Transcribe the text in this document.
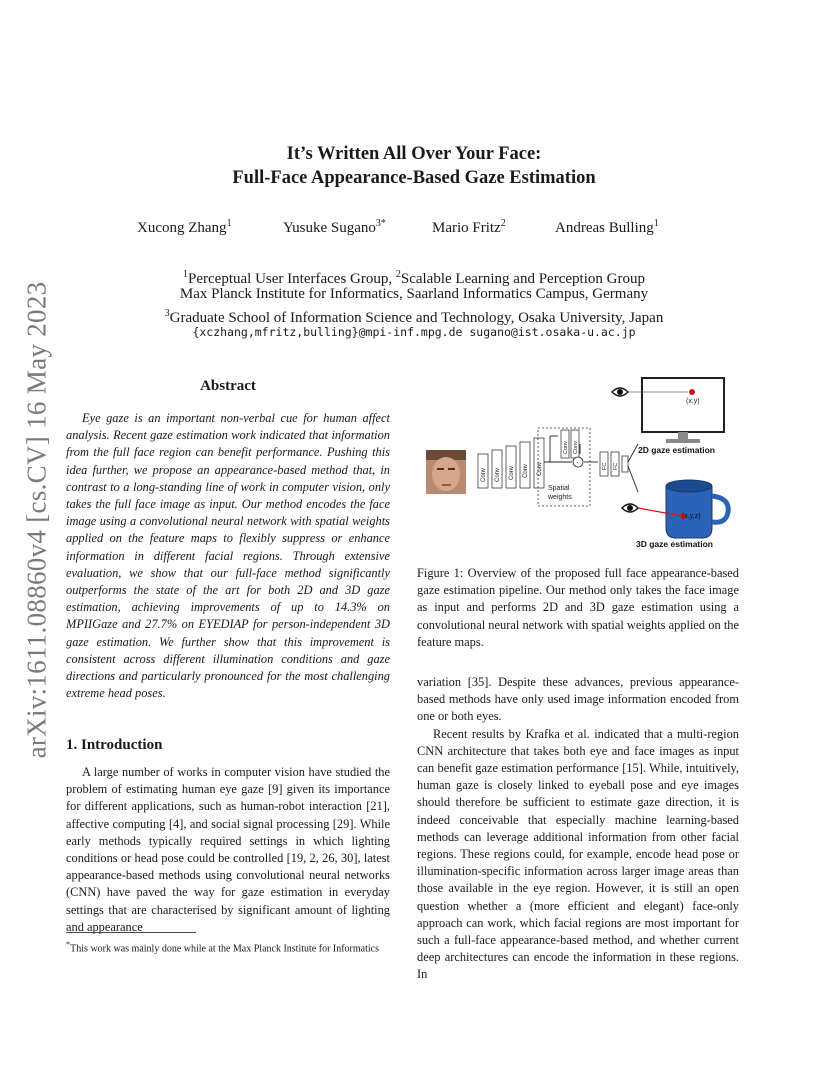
arXiv:1611.08860v4 [cs.CV] 16 May 2023
It’s Written All Over Your Face:
Full-Face Appearance-Based Gaze Estimation
Xucong Zhang$^1$	Yusuke Sugano$^{3*}$	Mario Fritz$^2$	Andreas Bulling$^1$
$^1$Perceptual User Interfaces Group, $^2$Scalable Learning and Perception Group
Max Planck Institute for Informatics, Saarland Informatics Campus, Germany
$^3$Graduate School of Information Science and Technology, Osaka University, Japan
{xczhang,mfritz,bulling}@mpi-inf.mpg.de sugano@ist.osaka-u.ac.jp
Abstract

Eye gaze is an important non-verbal cue for human affect analysis. Recent gaze estimation work indicated that information from the full face region can benefit performance. Pushing this idea further, we propose an appearance-based method that, in contrast to a long-standing line of work in computer vision, only takes the full face image as input. Our method encodes the face image using a convolutional neural network with spatial weights applied on the feature maps to flexibly suppress or enhance information in different facial regions. Through extensive evaluation, we show that our full-face method significantly outperforms the state of the art for both 2D and 3D gaze estimation, achieving improvements of up to 14.3% on MPIIGaze and 27.7% on EYEDIAP for person-independent 3D gaze estimation. We further show that this improvement is consistent across different illumination conditions and gaze directions and particularly pronounced for the most challenging extreme head poses.

1. Introduction

A large number of works in computer vision have studied the problem of estimating human eye gaze [9] given its importance for different applications, such as human-robot interaction [21], affective computing [4], and social signal processing [29]. While early methods typically required settings in which lighting conditions or head pose could be controlled [19, 2, 26, 30], latest appearance-based methods using convolutional neural networks (CNN) have paved the way for gaze estimation in everyday settings that are characterised by significant amount of lighting and appearance

*This work was mainly done while at the Max Planck Institute for Informatics
Conv Conv Conv Conv Conv
Conv Conv
·
Spatial
weights
FC FC
(x,y)
2D gaze estimation
(x,y,z)
3D gaze estimation
Figure 1: Overview of the proposed full face appearance-based gaze estimation pipeline. Our method only takes the face image as input and performs 2D and 3D gaze estimation using a convolutional neural network with spatial weights applied on the feature maps.

variation [35]. Despite these advances, previous appearance-based methods have only used image information encoded from one or both eyes.

Recent results by Krafka et al. indicated that a multi-region CNN architecture that takes both eye and face images as input can benefit gaze estimation performance [15]. While, intuitively, human gaze is closely linked to eyeball pose and eye images should therefore be sufficient to estimate gaze direction, it is indeed conceivable that especially machine learning-based methods can leverage additional information from other facial regions. These regions could, for example, encode head pose or illumination-specific information across larger image areas than those available in the eye region. However, it is still an open question whether a (more efficient and elegant) face-only approach can work, which facial regions are most important for such a full-face appearance-based method, and whether current deep architectures can encode the information in these regions. In
